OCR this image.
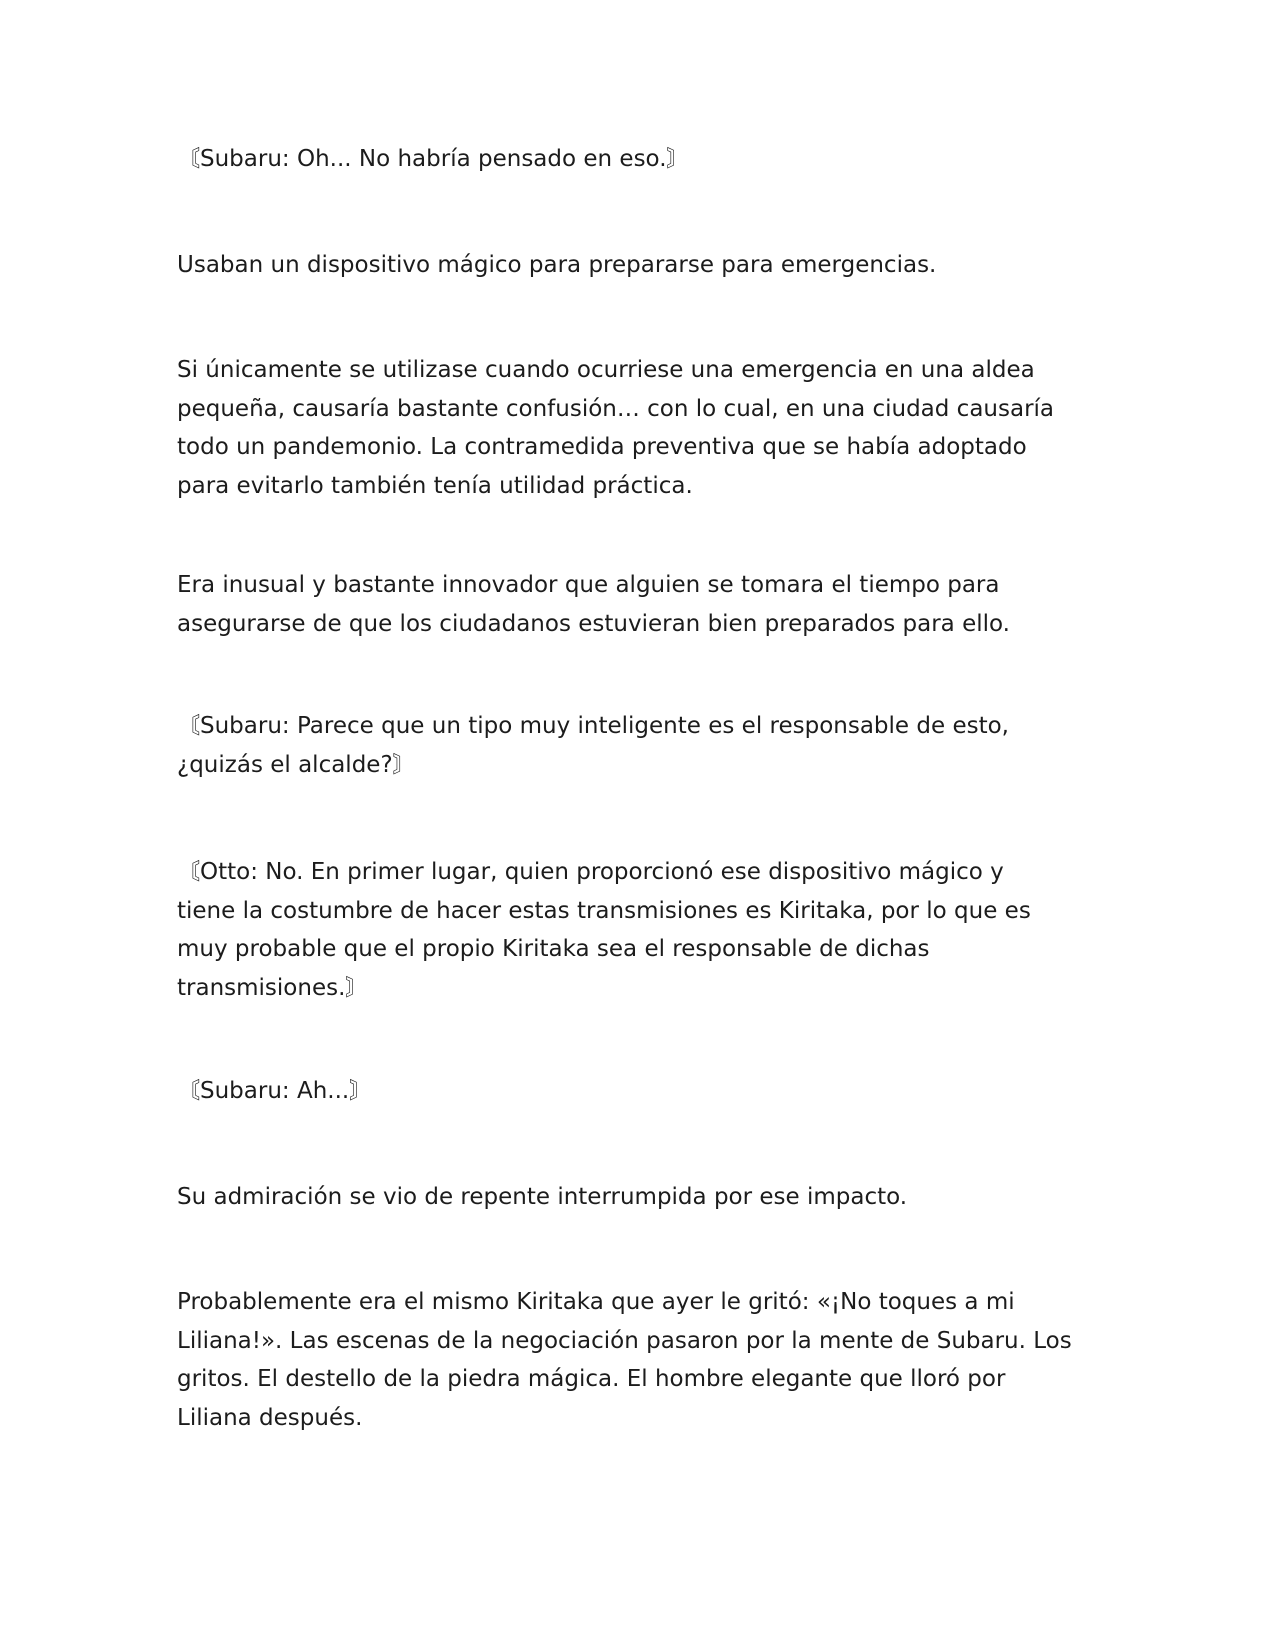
〘Subaru: Oh... No habría pensado en eso.〙

Usaban un dispositivo mágico para prepararse para emergencias.

Si únicamente se utilizase cuando ocurriese una emergencia en una aldea
pequeña, causaría bastante confusión… con lo cual, en una ciudad causaría
todo un pandemonio. La contramedida preventiva que se había adoptado
para evitarlo también tenía utilidad práctica.

Era inusual y bastante innovador que alguien se tomara el tiempo para
asegurarse de que los ciudadanos estuvieran bien preparados para ello.

〘Subaru: Parece que un tipo muy inteligente es el responsable de esto,
¿quizás el alcalde?〙

〘Otto: No. En primer lugar, quien proporcionó ese dispositivo mágico y
tiene la costumbre de hacer estas transmisiones es Kiritaka, por lo que es
muy probable que el propio Kiritaka sea el responsable de dichas
transmisiones.〙

〘Subaru: Ah...〙

Su admiración se vio de repente interrumpida por ese impacto.

Probablemente era el mismo Kiritaka que ayer le gritó: «¡No toques a mi
Liliana!». Las escenas de la negociación pasaron por la mente de Subaru. Los
gritos. El destello de la piedra mágica. El hombre elegante que lloró por
Liliana después.
